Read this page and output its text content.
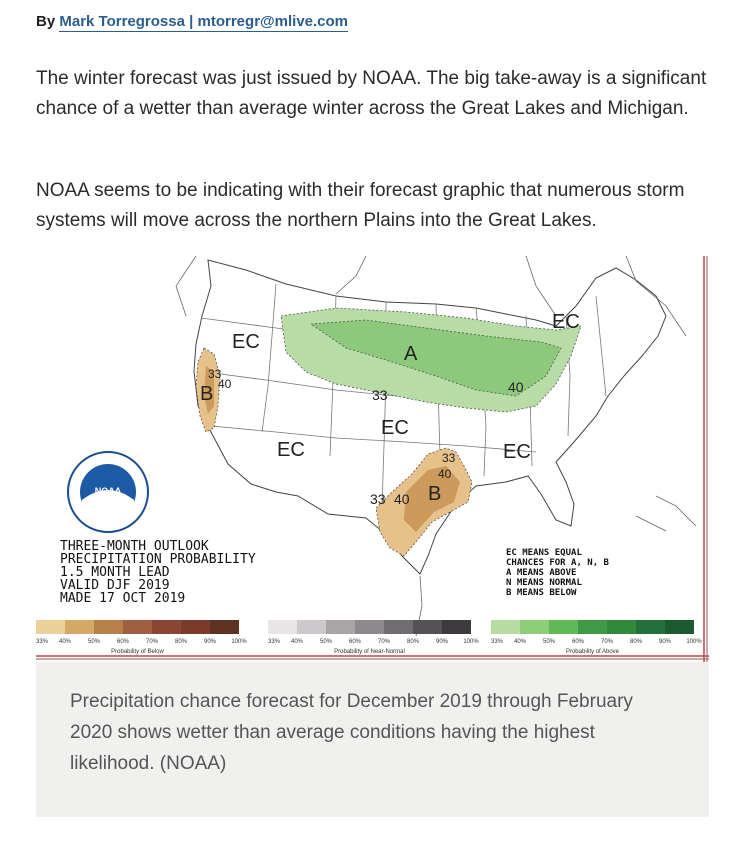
By Mark Torregrossa | mtorregr@mlive.com

The winter forecast was just issued by NOAA. The big take-away is a significant chance of a wetter than average winter across the Great Lakes and Michigan.

NOAA seems to be indicating with their forecast graphic that numerous storm systems will move across the northern Plains into the Great Lakes.

NOAA
EC
EC
EC
EC
EC
A
B
B
33
40
33	40
33
40
33 40
THREE-MONTH OUTLOOK
PRECIPITATION PROBABILITY
1.5 MONTH LEAD
VALID DJF 2019
MADE 17 OCT 2019
EC MEANS EQUAL
CHANCES FOR A, N, B
A MEANS ABOVE
N MEANS NORMAL
B MEANS BELOW
33% 40%	50%	60%	70%	80%	90%	100%
Probability of Below
33% 40%	50%	60%	70%	80%	90%	100%
Probability of Near-Normal
33% 40%	50%	60%	70%	80%	90%	100%
Probability of Above

Precipitation chance forecast for December 2019 through February 2020 shows wetter than average conditions having the highest likelihood. (NOAA)
